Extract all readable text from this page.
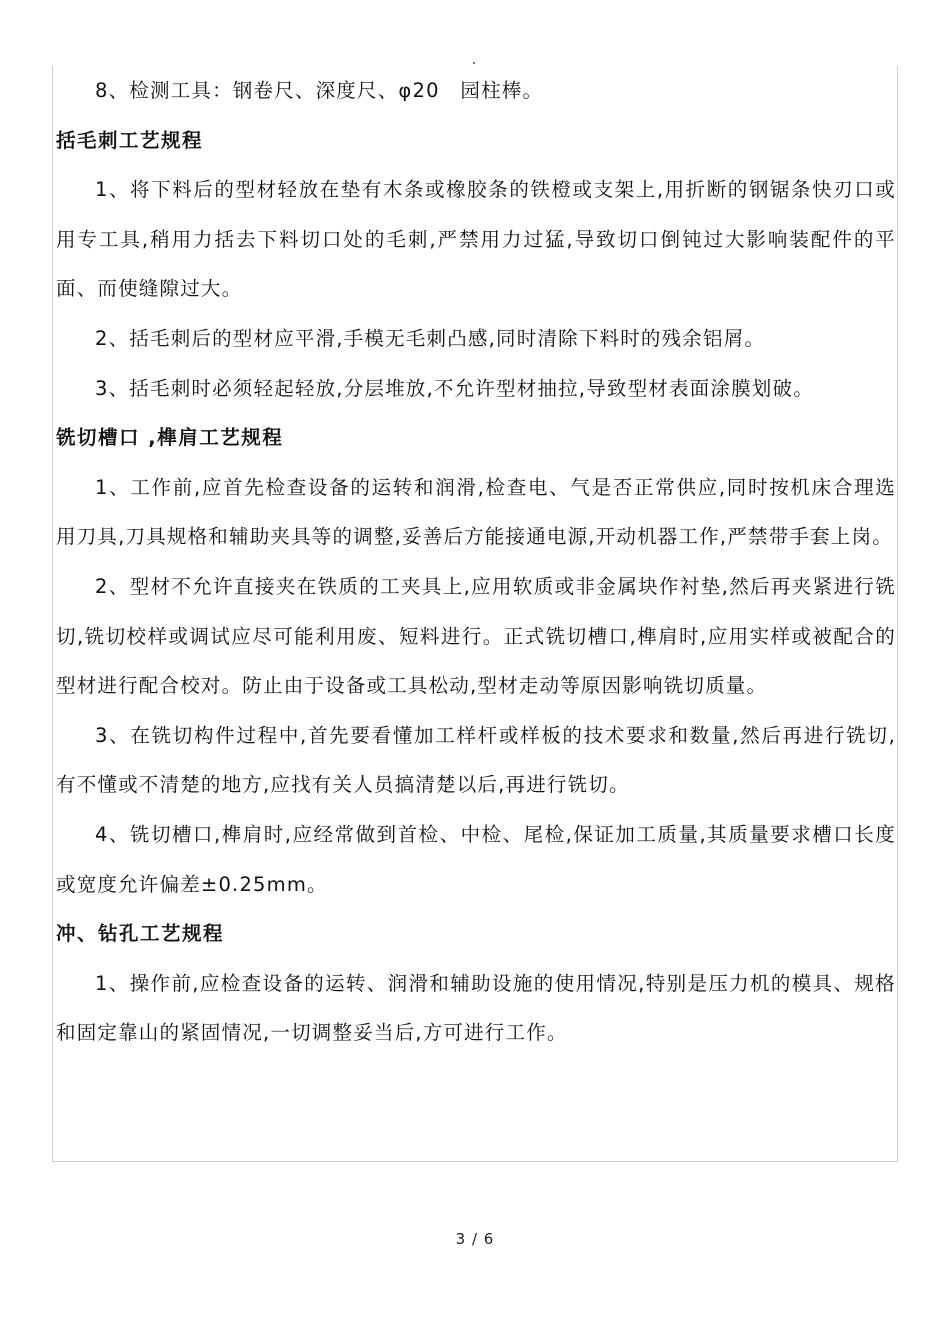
8、检测工具：钢卷尺、深度尺、φ20　园柱棒。

括毛刺工艺规程

1、将下料后的型材轻放在垫有木条或橡胶条的铁橙或支架上,用折断的钢锯条快刃口或用专工具,稍用力括去下料切口处的毛刺,严禁用力过猛,导致切口倒钝过大影响装配件的平面、而使缝隙过大。

2、括毛刺后的型材应平滑,手模无毛刺凸感,同时清除下料时的残余铝屑。

3、括毛刺时必须轻起轻放,分层堆放,不允许型材抽拉,导致型材表面涂膜划破。

铣切槽口 ,榫肩工艺规程

1、工作前,应首先检查设备的运转和润滑,检查电、气是否正常供应,同时按机床合理选用刀具,刀具规格和辅助夹具等的调整,妥善后方能接通电源,开动机器工作,严禁带手套上岗。

2、型材不允许直接夹在铁质的工夹具上,应用软质或非金属块作衬垫,然后再夹紧进行铣切,铣切校样或调试应尽可能利用废、短料进行。正式铣切槽口,榫肩时,应用实样或被配合的型材进行配合校对。防止由于设备或工具松动,型材走动等原因影响铣切质量。

3、在铣切构件过程中,首先要看懂加工样杆或样板的技术要求和数量,然后再进行铣切,有不懂或不清楚的地方,应找有关人员搞清楚以后,再进行铣切。

4、铣切槽口,榫肩时,应经常做到首检、中检、尾检,保证加工质量,其质量要求槽口长度或宽度允许偏差±0.25mm。

冲、钻孔工艺规程

1、操作前,应检查设备的运转、润滑和辅助设施的使用情况,特别是压力机的模具、规格和固定靠山的紧固情况,一切调整妥当后,方可进行工作。

3 / 6
